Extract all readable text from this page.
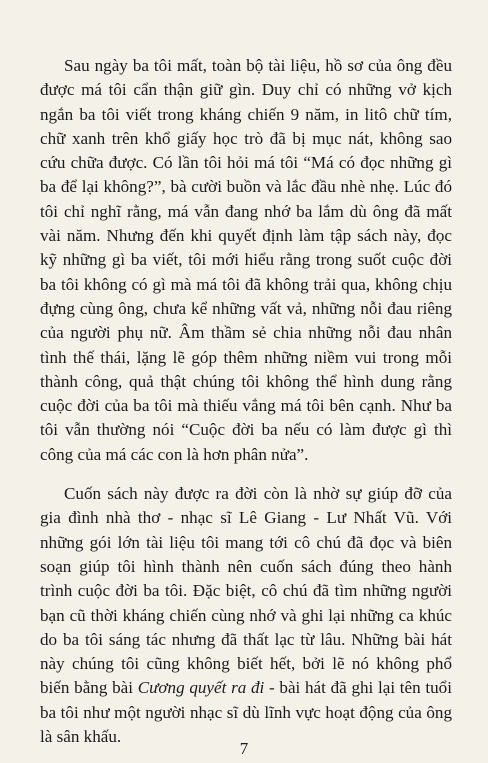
Sau ngày ba tôi mất, toàn bộ tài liệu, hồ sơ của ông đều được má tôi cẩn thận giữ gìn. Duy chỉ có những vở kịch ngắn ba tôi viết trong kháng chiến 9 năm, in litô chữ tím, chữ xanh trên khổ giấy học trò đã bị mục nát, không sao cứu chữa được. Có lần tôi hỏi má tôi “Má có đọc những gì ba để lại không?”, bà cười buồn và lắc đầu nhè nhẹ. Lúc đó tôi chỉ nghĩ rằng, má vẫn đang nhớ ba lắm dù ông đã mất vài năm. Nhưng đến khi quyết định làm tập sách này, đọc kỹ những gì ba viết, tôi mới hiểu rằng trong suốt cuộc đời ba tôi không có gì mà má tôi đã không trải qua, không chịu đựng cùng ông, chưa kể những vất vả, những nỗi đau riêng của người phụ nữ. Âm thầm sẻ chia những nỗi đau nhân tình thế thái, lặng lẽ góp thêm những niềm vui trong mỗi thành công, quả thật chúng tôi không thể hình dung rằng cuộc đời của ba tôi mà thiếu vắng má tôi bên cạnh. Như ba tôi vẫn thường nói “Cuộc đời ba nếu có làm được gì thì công của má các con là hơn phân nửa”.

Cuốn sách này được ra đời còn là nhờ sự giúp đỡ của gia đình nhà thơ - nhạc sĩ Lê Giang - Lư Nhất Vũ. Với những gói lớn tài liệu tôi mang tới cô chú đã đọc và biên soạn giúp tôi hình thành nên cuốn sách đúng theo hành trình cuộc đời ba tôi. Đặc biệt, cô chú đã tìm những người bạn cũ thời kháng chiến cùng nhớ và ghi lại những ca khúc do ba tôi sáng tác nhưng đã thất lạc từ lâu. Những bài hát này chúng tôi cũng không biết hết, bởi lẽ nó không phổ biến bằng bài Cương quyết ra đi - bài hát đã ghi lại tên tuổi ba tôi như một người nhạc sĩ dù lĩnh vực hoạt động của ông là sân khấu.

7
